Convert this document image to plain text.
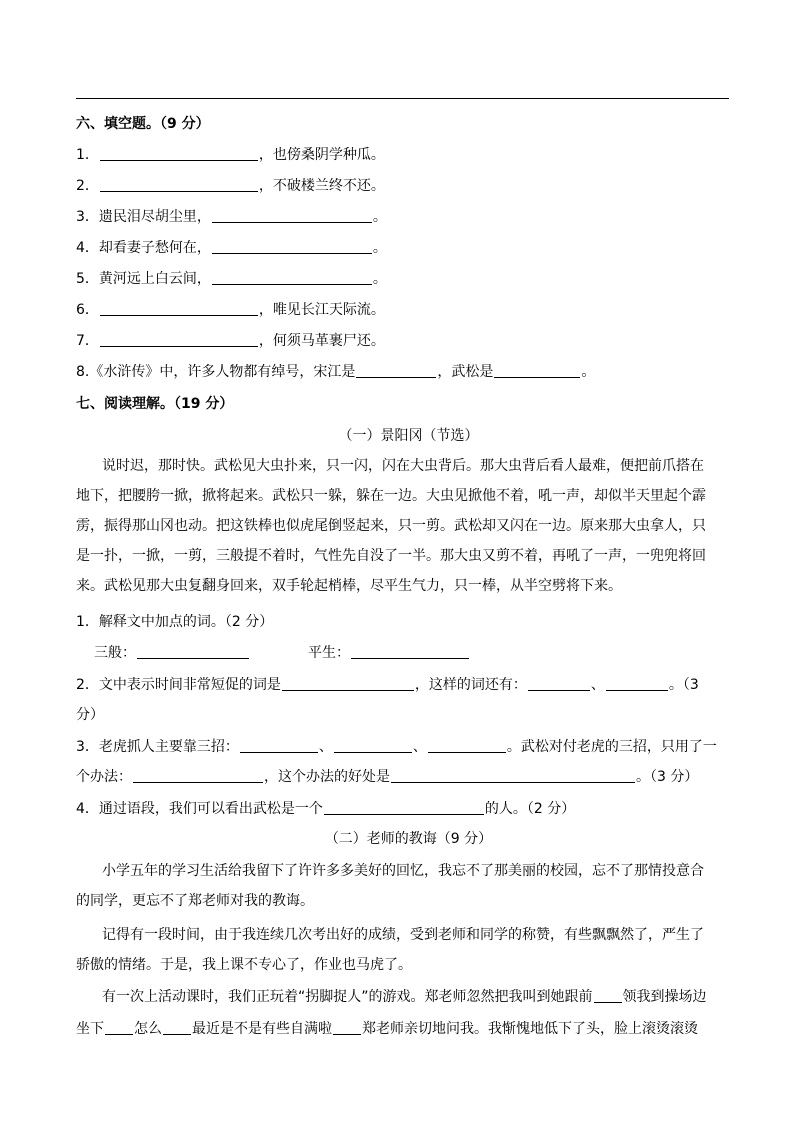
六、填空题。（9 分）
1．	，也傍桑阴学种瓜。
2．	，不破楼兰终不还。
3．遗民泪尽胡尘里，	。
4．却看妻子愁何在，	。
5．黄河远上白云间，	。
6．	，唯见长江天际流。
7．	，何须马革裹尸还。
8.《水浒传》中，许多人物都有绰号，宋江是	，武松是	。
七、阅读理解。（19 分）
（一）景阳冈（节选）
说时迟，那时快。武松见大虫扑来，只一闪，闪在大虫背后。那大虫背后看人最难，便把前爪搭在
地下，把腰胯一掀，掀将起来。武松只一躲，躲在一边。大虫见掀他不着，吼一声，却似半天里起个霹
雳，振得那山冈也动。把这铁棒也似虎尾倒竖起来，只一剪。武松却又闪在一边。原来那大虫拿人，只
是一扑，一掀，一剪，三般提不着时，气性先自没了一半。那大虫又剪不着，再吼了一声，一兜兜将回
来。武松见那大虫复翻身回来，双手轮起梢棒，尽平生气力，只一棒，从半空劈将下来。
1．解释文中加点的词。（2 分）
三般：	平生：
2．文中表示时间非常短促的词是	，这样的词还有：	、	。（3
分）
3．老虎抓人主要靠三招：	、	、	。武松对付老虎的三招，只用了一
个办法：	，这个办法的好处是	。（3 分）
4．通过语段，我们可以看出武松是一个	的人。（2 分）
（二）老师的教诲（9 分）
小学五年的学习生活给我留下了许许多多美好的回忆，我忘不了那美丽的校园，忘不了那情投意合
的同学，更忘不了郑老师对我的教诲。
记得有一段时间，由于我连续几次考出好的成绩，受到老师和同学的称赞，有些飘飘然了，严生了
骄傲的情绪。于是，我上课不专心了，作业也马虎了。
有一次上活动课时，我们正玩着“拐脚捉人”的游戏。郑老师忽然把我叫到她跟前 领我到操场边
坐下 怎么 最近是不是有些自满啦 郑老师亲切地问我。我惭愧地低下了头，脸上滚烫滚烫
